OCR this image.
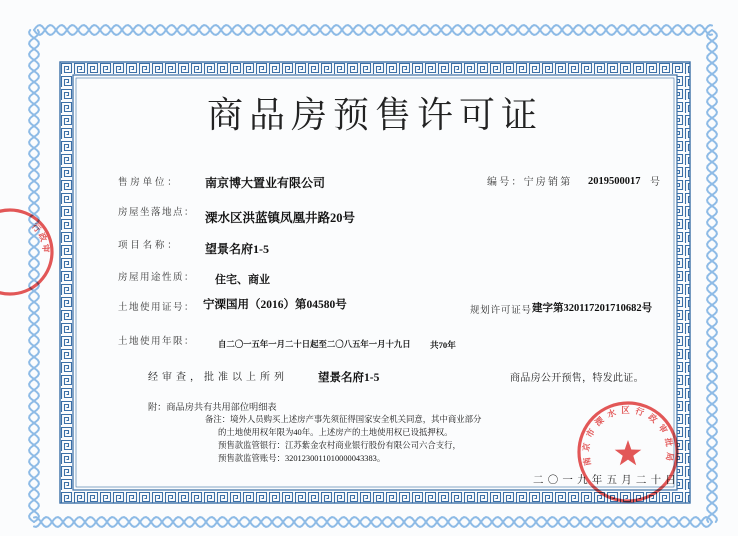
商品房预售许可证
售房单位： 南京博大置业有限公司	编号：宁房销第 2019500017 号
房屋坐落地点： 溧水区洪蓝镇凤凰井路20号
项目名称： 望景名府1-5
房屋用途性质： 住宅、商业
土地使用证号： 宁溧国用（2016）第04580号	规划许可证号 建字第320117201710682号
土地使用年限：	自二〇一五年一月二十日起至二〇八五年一月十九日 共70年
经审查，批准以上所列	望景名府1-5	商品房公开预售，特发此证。
附：商品房共有共用部位明细表
备注：境外人员购买上述房产事先须征得国家安全机关同意，其中商业部分
的土地使用权年限为40年。上述房产的土地使用权已设抵押权。
预售款监管银行：江苏紫金农村商业银行股份有限公司六合支行，
预售款监管账号：3201230011010000043383。
二〇一九年五月二十日
南京市溧水区行政审批局
行政审
